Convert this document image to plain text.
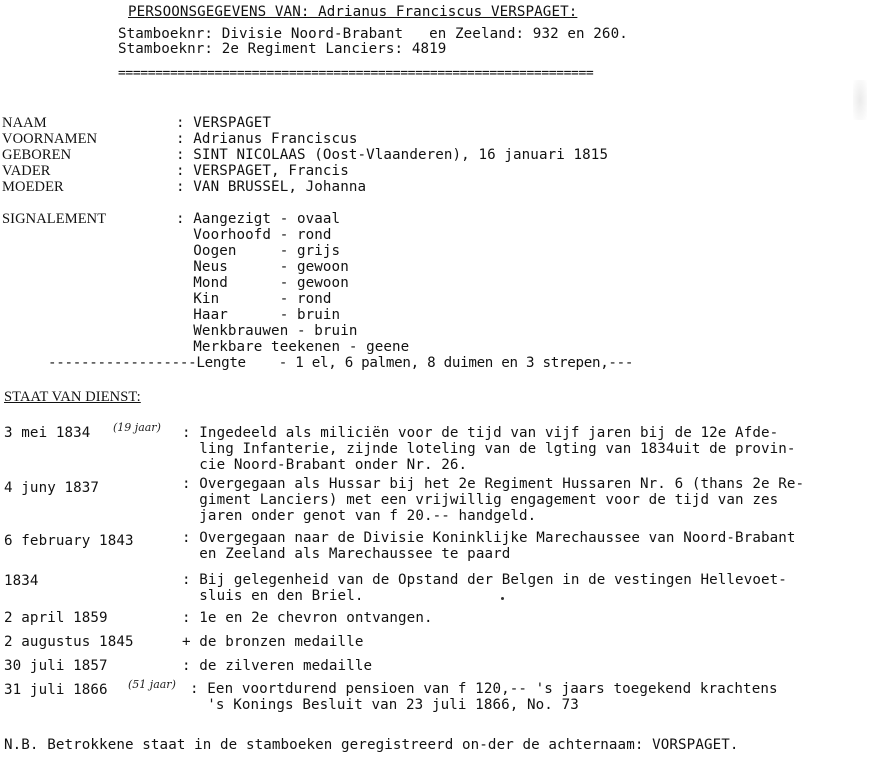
PERSOONSGEGEVENS VAN: Adrianus Franciscus VERSPAGET:
Stamboeknr: Divisie Noord-Brabant   en Zeeland: 932 en 260.
Stamboeknr: 2e Regiment Lanciers: 4819
================================================================
NAAM	: VERSPAGET
VOORNAMEN	: Adrianus Franciscus
GEBOREN	: SINT NICOLAAS (Oost-Vlaanderen), 16 januari 1815
VADER	: VERSPAGET, Francis
MOEDER	: VAN BRUSSEL, Johanna
SIGNALEMENT	: Aangezigt - ovaal
Voorhoofd - rond
Oogen     - grijs
Neus      - gewoon
Mond      - gewoon
Kin       - rond
Haar      - bruin
Wenkbrauwen - bruin
Merkbare teekenen - geene
------------------Lengte    - 1 el, 6 palmen, 8 duimen en 3 strepen,---
STAAT VAN DIENST:
3 mei 1834 (19 jaar) : Ingedeeld als miliciën voor de tijd van vijf jaren bij de 12e Afde-
ling Infanterie, zijnde loteling van de lgting van 1834uit de provin-
cie Noord-Brabant onder Nr. 26.
4 juny 1837	: Overgegaan als Hussar bij het 2e Regiment Hussaren Nr. 6 (thans 2e Re-
giment Lanciers) met een vrijwillig engagement voor de tijd van zes
jaren onder genot van f 20.-- handgeld.
6 february 1843	: Overgegaan naar de Divisie Koninklijke Marechaussee van Noord-Brabant
en Zeeland als Marechaussee te paard
1834	: Bij gelegenheid van de Opstand der Belgen in de vestingen Hellevoet-
sluis en den Briel.
2 april 1859	: 1e en 2e chevron ontvangen.
2 augustus 1845	+ de bronzen medaille
30 juli 1857	: de zilveren medaille
31 juli 1866 (51 jaar) : Een voortdurend pensioen van f 120,-- 's jaars toegekend krachtens
's Konings Besluit van 23 juli 1866, No. 73
N.B. Betrokkene staat in de stamboeken geregistreerd on-der de achternaam: VORSPAGET.
